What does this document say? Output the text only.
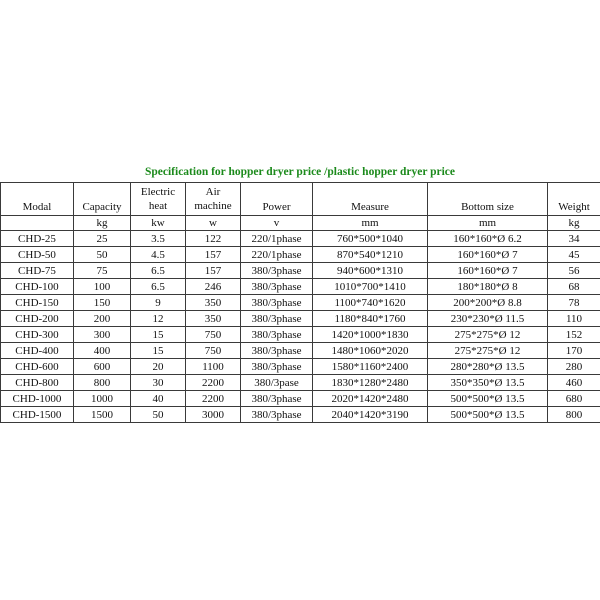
Specification for hopper dryer price /plastic hopper dryer price
Modal	Capacity	Electric heat	Air machine	Power	Measure	Bottom size	Weight
	kg	kw	w	v	mm	mm	kg
CHD-25	25	3.5	122	220/1phase	760*500*1040	160*160*Ø 6.2	34
CHD-50	50	4.5	157	220/1phase	870*540*1210	160*160*Ø 7	45
CHD-75	75	6.5	157	380/3phase	940*600*1310	160*160*Ø 7	56
CHD-100	100	6.5	246	380/3phase	1010*700*1410	180*180*Ø 8	68
CHD-150	150	9	350	380/3phase	1100*740*1620	200*200*Ø 8.8	78
CHD-200	200	12	350	380/3phase	1180*840*1760	230*230*Ø 11.5	110
CHD-300	300	15	750	380/3phase	1420*1000*1830	275*275*Ø 12	152
CHD-400	400	15	750	380/3phase	1480*1060*2020	275*275*Ø 12	170
CHD-600	600	20	1100	380/3phase	1580*1160*2400	280*280*Ø 13.5	280
CHD-800	800	30	2200	380/3pase	1830*1280*2480	350*350*Ø 13.5	460
CHD-1000	1000	40	2200	380/3phase	2020*1420*2480	500*500*Ø 13.5	680
CHD-1500	1500	50	3000	380/3phase	2040*1420*3190	500*500*Ø 13.5	800
